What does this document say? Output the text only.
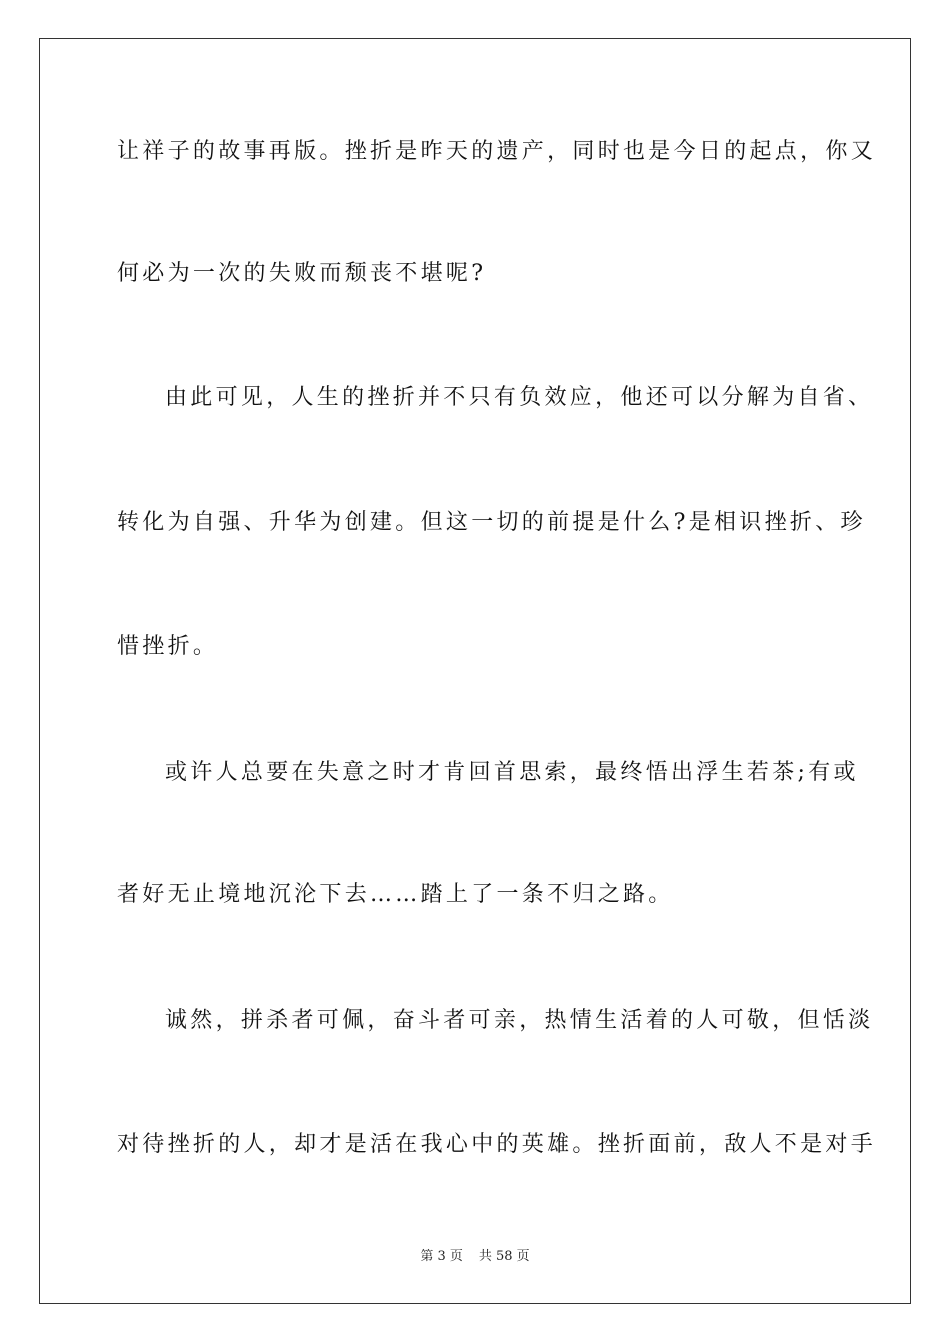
让祥子的故事再版。挫折是昨天的遗产，同时也是今日的起点，你又
何必为一次的失败而颓丧不堪呢?
由此可见，人生的挫折并不只有负效应，他还可以分解为自省、
转化为自强、升华为创建。但这一切的前提是什么?是相识挫折、珍
惜挫折。
或许人总要在失意之时才肯回首思索，最终悟出浮生若茶;有或
者好无止境地沉沦下去……踏上了一条不归之路。
诚然，拼杀者可佩，奋斗者可亲，热情生活着的人可敬，但恬淡
对待挫折的人，却才是活在我心中的英雄。挫折面前，敌人不是对手
第 3 页 共 58 页
